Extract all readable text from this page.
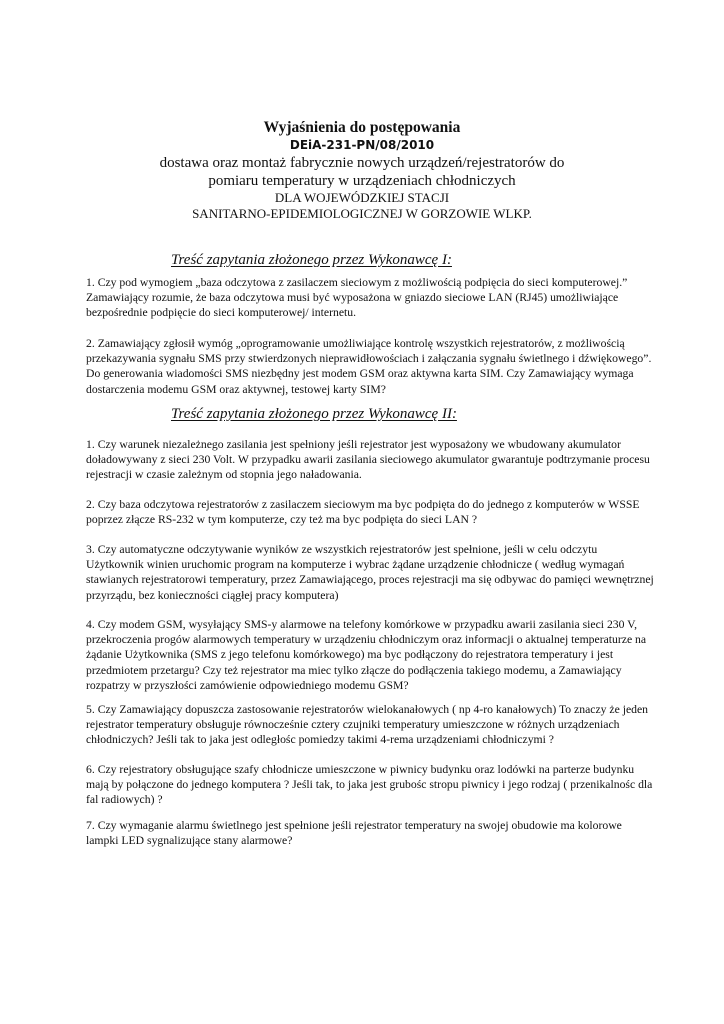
Wyjaśnienia do postępowania
DEiA-231-PN/08/2010
dostawa oraz montaż fabrycznie nowych urządzeń/rejestratorów do
pomiaru temperatury w urządzeniach chłodniczych
DLA WOJEWÓDZKIEJ STACJI
SANITARNO-EPIDEMIOLOGICZNEJ W GORZOWIE WLKP.
Treść zapytania złożonego przez Wykonawcę I:
1. Czy pod wymogiem „baza odczytowa z zasilaczem sieciowym z możliwością podpięcia do sieci komputerowej.” Zamawiający rozumie, że baza odczytowa musi być wyposażona w gniazdo sieciowe LAN (RJ45) umożliwiające bezpośrednie podpięcie do sieci komputerowej/ internetu.
2. Zamawiający zgłosił wymóg „oprogramowanie umożliwiające kontrolę wszystkich rejestratorów, z możliwością przekazywania sygnału SMS przy stwierdzonych nieprawidłowościach i załączania sygnału świetlnego i dźwiękowego”. Do generowania wiadomości SMS niezbędny jest modem GSM oraz aktywna karta SIM. Czy Zamawiający wymaga dostarczenia modemu GSM oraz aktywnej, testowej karty SIM?
Treść zapytania złożonego przez Wykonawcę II:
1. Czy warunek niezależnego zasilania jest spełniony jeśli rejestrator jest wyposażony we wbudowany akumulator doładowywany z sieci 230 Volt. W przypadku awarii zasilania sieciowego akumulator gwarantuje podtrzymanie procesu rejestracji w czasie zależnym od stopnia jego naładowania.
2. Czy baza odczytowa rejestratorów z zasilaczem sieciowym ma byc podpięta do do jednego z komputerów w WSSE poprzez złącze RS-232 w tym komputerze, czy też ma byc podpięta do sieci LAN ?
3. Czy automatyczne odczytywanie wyników ze wszystkich rejestratorów jest spełnione, jeśli w celu odczytu Użytkownik winien uruchomic program na komputerze i wybrac żądane urządzenie chłodnicze ( według wymagań stawianych rejestratorowi temperatury, przez Zamawiającego, proces rejestracji ma się odbywac do pamięci wewnętrznej przyrządu, bez konieczności ciągłej pracy komputera)
4. Czy modem GSM, wysyłający SMS-y alarmowe na telefony komórkowe w przypadku awarii zasilania sieci 230 V, przekroczenia progów alarmowych temperatury w urządzeniu chłodniczym oraz informacji o aktualnej temperaturze na żądanie Użytkownika (SMS z jego telefonu komórkowego) ma byc podłączony do rejestratora temperatury i jest przedmiotem przetargu? Czy też rejestrator ma miec tylko złącze do podłączenia takiego modemu, a Zamawiający rozpatrzy w przyszłości zamówienie odpowiedniego modemu GSM?
5. Czy Zamawiający dopuszcza zastosowanie rejestratorów wielokanałowych ( np 4-ro kanałowych) To znaczy że jeden rejestrator temperatury obsługuje równocześnie cztery czujniki temperatury umieszczone w różnych urządzeniach chłodniczych? Jeśli tak to jaka jest odległośc pomiedzy takimi 4-rema urządzeniami chłodniczymi ?
6. Czy rejestratory obsługujące szafy chłodnicze umieszczone w piwnicy budynku oraz lodówki na parterze budynku mają by połączone do jednego komputera ? Jeśli tak, to jaka jest grubośc stropu piwnicy i jego rodzaj ( przenikalnośc dla fal radiowych) ?
7. Czy wymaganie alarmu świetlnego jest spełnione jeśli rejestrator temperatury na swojej obudowie ma kolorowe lampki LED sygnalizujące stany alarmowe?
